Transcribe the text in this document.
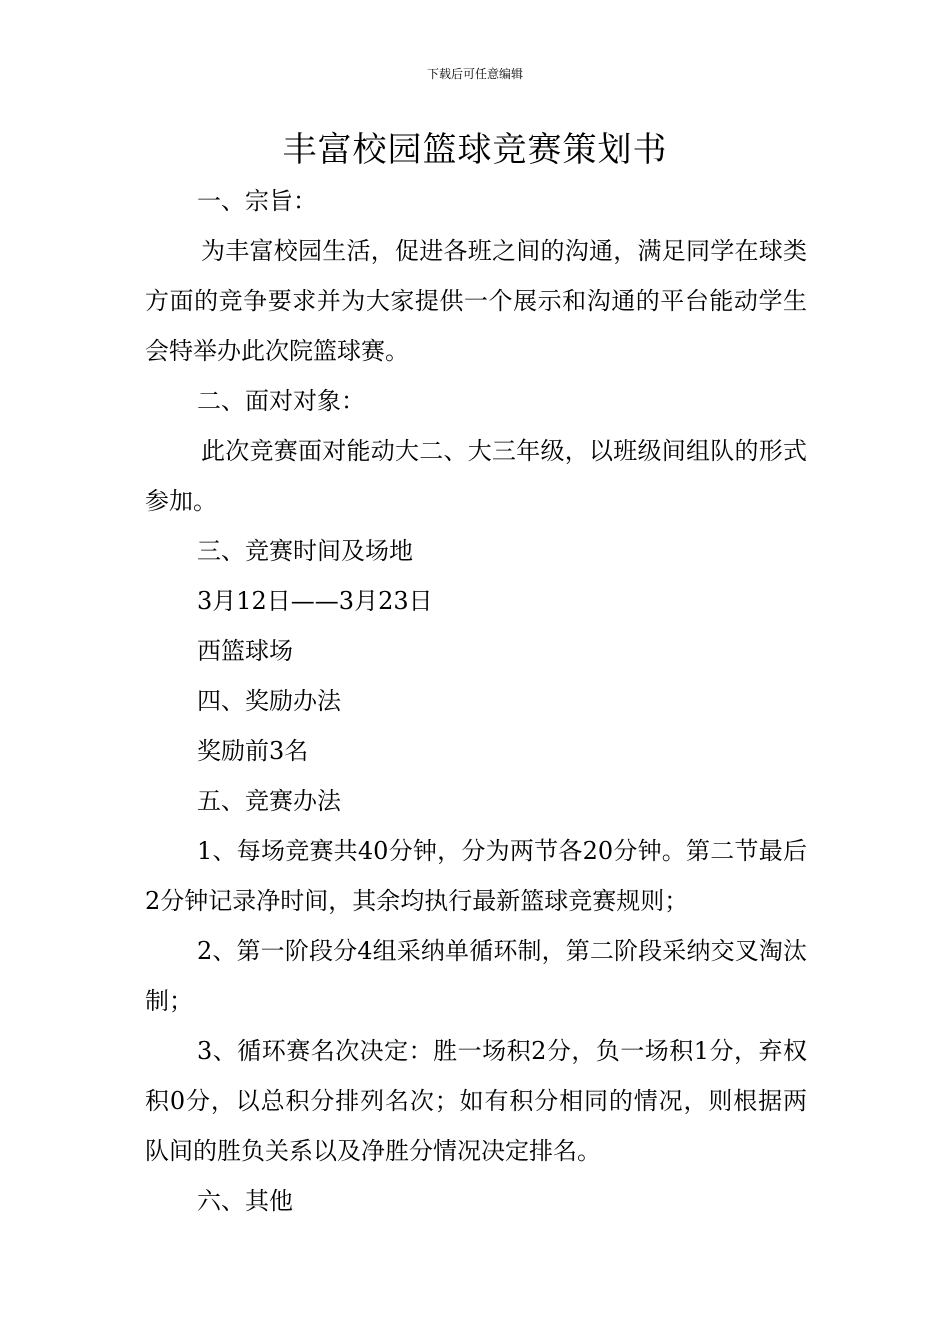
下载后可任意编辑
丰富校园篮球竞赛策划书

一、宗旨：

为丰富校园生活，促进各班之间的沟通，满足同学在球类方面的竞争要求并为大家提供一个展示和沟通的平台能动学生会特举办此次院篮球赛。

二、面对对象：

此次竞赛面对能动大二、大三年级，以班级间组队的形式参加。

三、竞赛时间及场地

3月12日——3月23日

西篮球场

四、奖励办法

奖励前3名

五、竞赛办法

1、每场竞赛共40分钟，分为两节各20分钟。第二节最后2分钟记录净时间，其余均执行最新篮球竞赛规则；

2、第一阶段分4组采纳单循环制，第二阶段采纳交叉淘汰制；

3、循环赛名次决定：胜一场积2分，负一场积1分，弃权积0分，以总积分排列名次；如有积分相同的情况，则根据两队间的胜负关系以及净胜分情况决定排名。

六、其他
